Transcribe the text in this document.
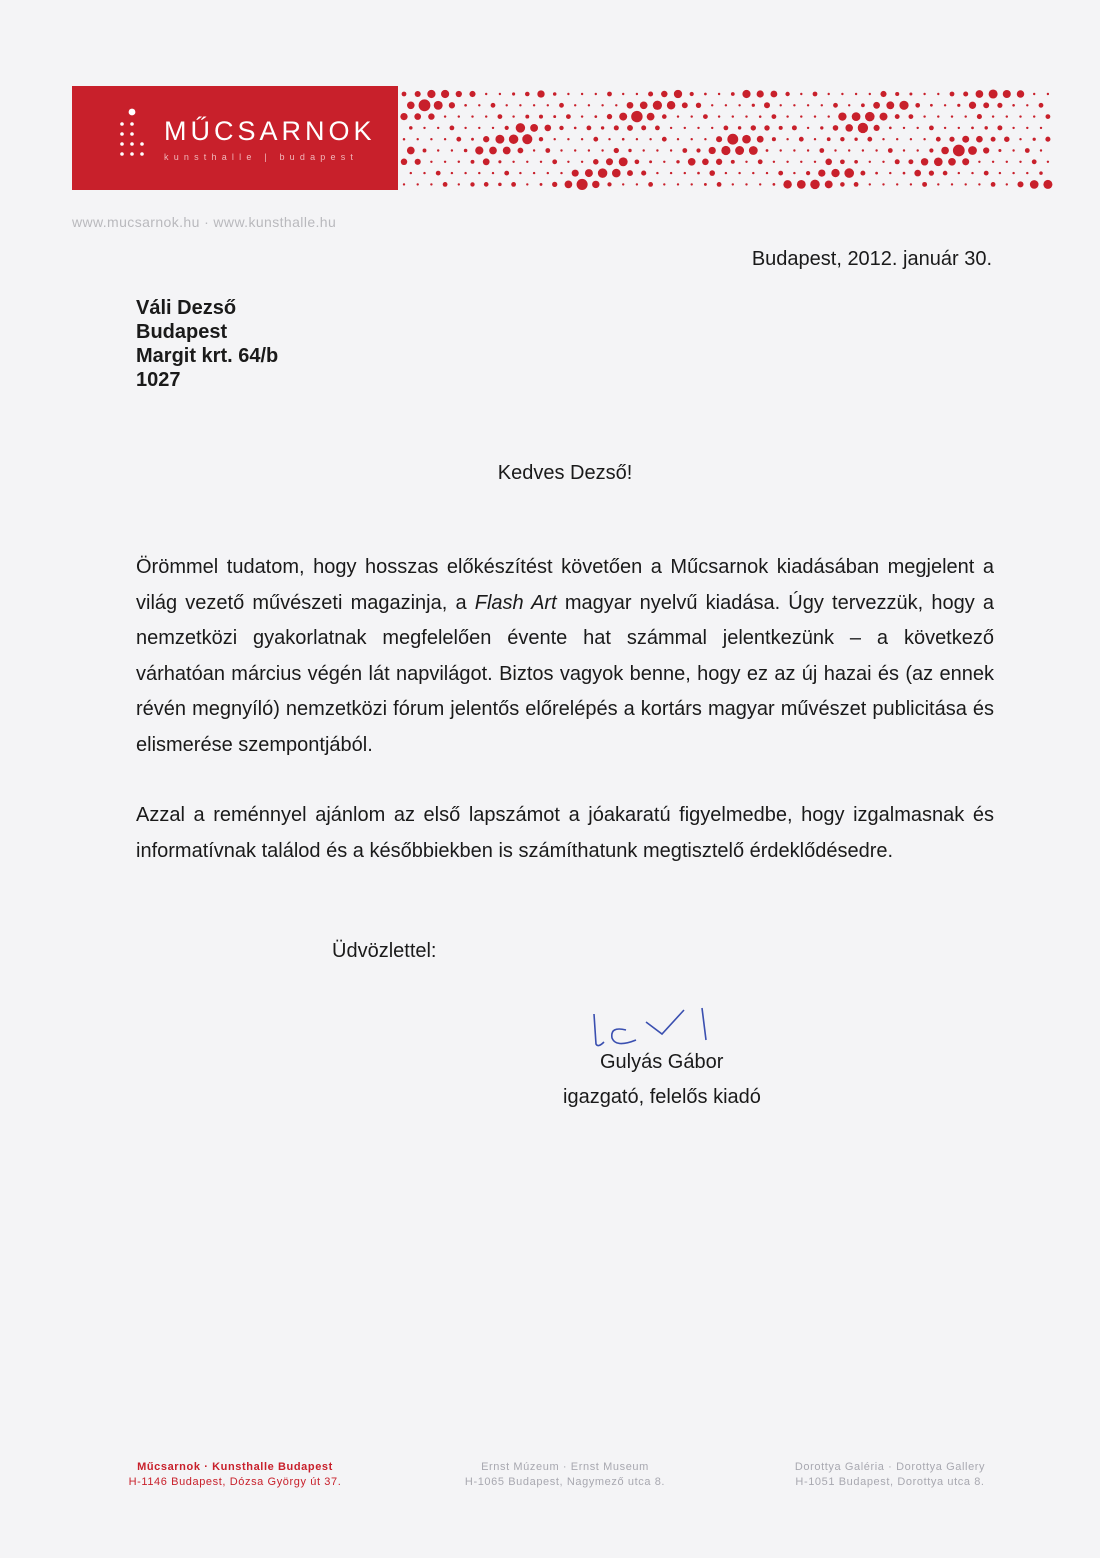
MŰCSARNOK
kunsthalle | budapest
www.mucsarnok.hu · www.kunsthalle.hu
Budapest, 2012. január 30.
Váli Dezső
Budapest
Margit krt. 64/b
1027
Kedves Dezső!
Örömmel tudatom, hogy hosszas előkészítést követően a Műcsarnok kiadásában megjelent a világ vezető művészeti magazinja, a Flash Art magyar nyelvű kiadása. Úgy tervezzük, hogy a nemzetközi gyakorlatnak megfelelően évente hat számmal jelentkezünk – a következő várhatóan március végén lát napvilágot. Biztos vagyok benne, hogy ez az új hazai és (az ennek révén megnyíló) nemzetközi fórum jelentős előrelépés a kortárs magyar művészet publicitása és elismerése szempontjából.
Azzal a reménnyel ajánlom az első lapszámot a jóakaratú figyelmedbe, hogy izgalmasnak és informatívnak találod és a későbbiekben is számíthatunk megtisztelő érdeklődésedre.
Üdvözlettel:
Gulyás Gábor
igazgató, felelős kiadó
Műcsarnok · Kunsthalle Budapest
H-1146 Budapest, Dózsa György út 37.
Ernst Múzeum · Ernst Museum
H-1065 Budapest, Nagymező utca 8.
Dorottya Galéria · Dorottya Gallery
H-1051 Budapest, Dorottya utca 8.
